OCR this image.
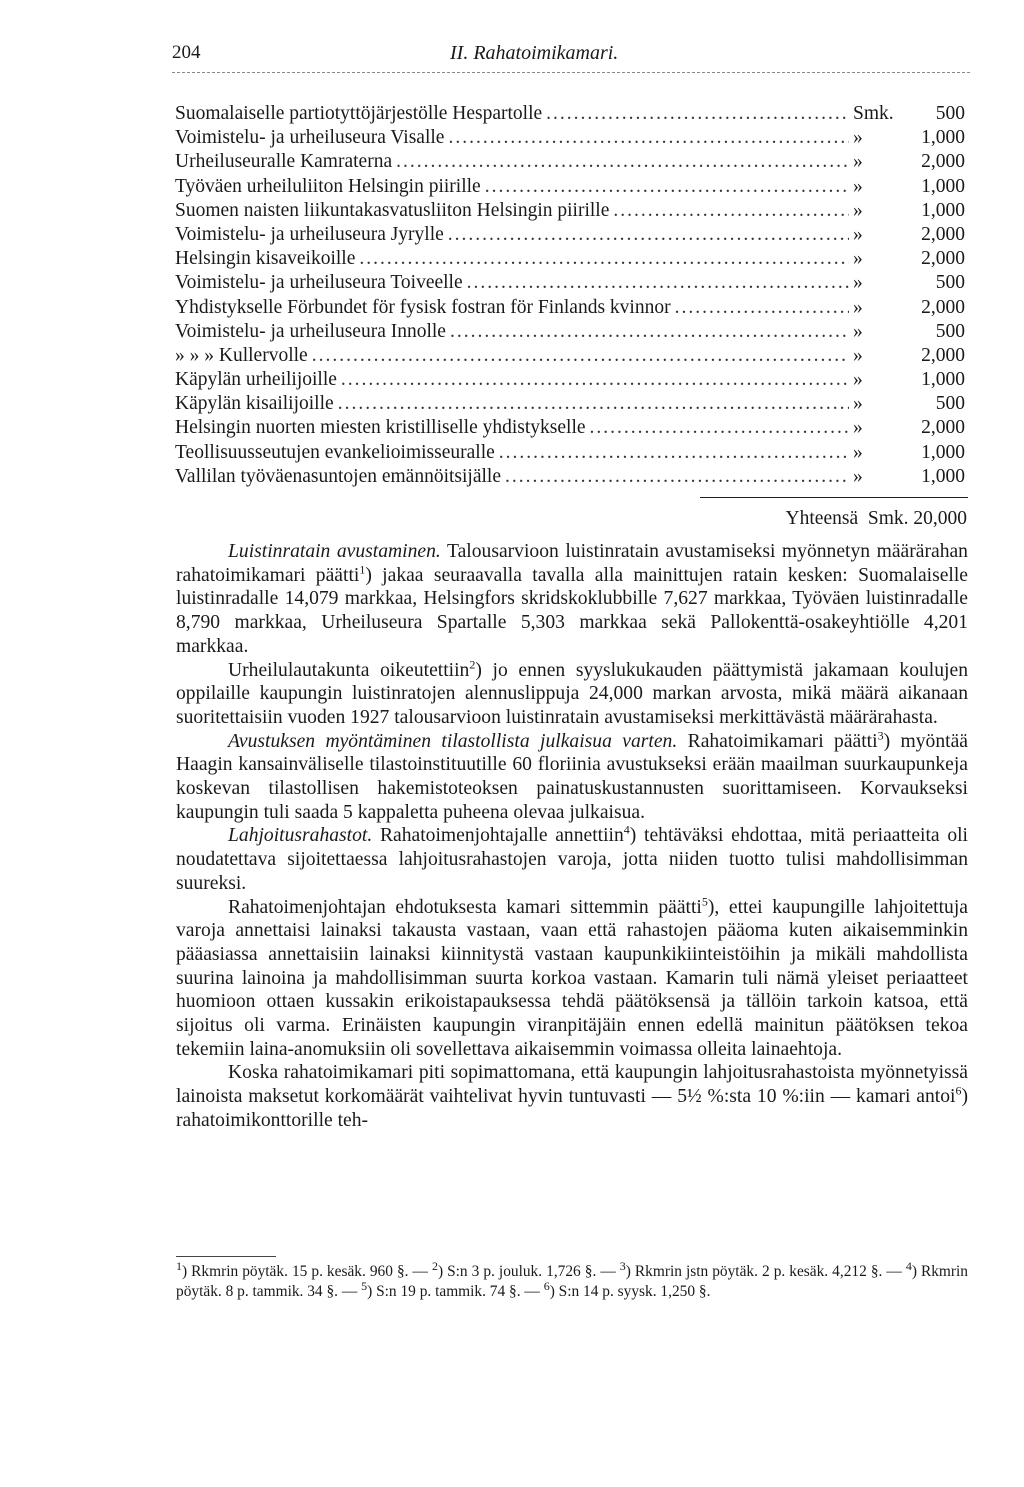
204	II. Rahatoimikamari.
Suomalaiselle partiotyttöjärjestölle Hespartolle .....	Smk.	500
Voimistelu- ja urheiluseura Visalle .....	»	1,000
Urheiluseuralle Kamraterna .....	»	2,000
Työväen urheiluliiton Helsingin piirille .....	»	1,000
Suomen naisten liikuntakasvatusliiton Helsingin piirille .....	»	1,000
Voimistelu- ja urheiluseura Jyrylle .....	»	2,000
Helsingin kisaveikoille .....	»	2,000
Voimistelu- ja urheiluseura Toiveelle .....	»	500
Yhdistykselle Förbundet för fysisk fostran för Finlands kvinnor .....	»	2,000
Voimistelu- ja urheiluseura Innolle .....	»	500
» » » Kullervolle .....	»	2,000
Käpylän urheilijoille .....	»	1,000
Käpylän kisailijoille .....	»	500
Helsingin nuorten miesten kristilliselle yhdistykselle .....	»	2,000
Teollisuusseutujen evankelioimisseuralle .....	»	1,000
Vallilan työväenasuntojen emännöitsijälle .....	»	1,000
Yhteensä Smk. 20,000

Luistinratain avustaminen. Talousarvioon luistinratain avustamiseksi myönnetyn määrärahan rahatoimikamari päätti$^1$) jakaa seuraavalla tavalla alla mainittujen ratain kesken: Suomalaiselle luistinradalle 14,079 markkaa, Helsingfors skridskoklubbille 7,627 markkaa, Työväen luistinradalle 8,790 markkaa, Urheiluseura Spartalle 5,303 markkaa sekä Pallokenttä-osakeyhtiölle 4,201 markkaa.

Urheilulautakunta oikeutettiin$^2$) jo ennen syyslukukauden päättymistä jakamaan koulujen oppilaille kaupungin luistinratojen alennuslippuja 24,000 markan arvosta, mikä määrä aikanaan suoritettaisiin vuoden 1927 talousarvioon luistinratain avustamiseksi merkittävästä määrärahasta.

Avustuksen myöntäminen tilastollista julkaisua varten. Rahatoimikamari päätti$^3$) myöntää Haagin kansainväliselle tilastoinstituutille 60 floriinia avustukseksi erään maailman suurkaupunkeja koskevan tilastollisen hakemistoteoksen painatuskustannusten suorittamiseen. Korvaukseksi kaupungin tuli saada 5 kappaletta puheena olevaa julkaisua.

Lahjoitusrahastot. Rahatoimenjohtajalle annettiin$^4$) tehtäväksi ehdottaa, mitä periaatteita oli noudatettava sijoitettaessa lahjoitusrahastojen varoja, jotta niiden tuotto tulisi mahdollisimman suureksi.

Rahatoimenjohtajan ehdotuksesta kamari sittemmin päätti$^5$), ettei kaupungille lahjoitettuja varoja annettaisi lainaksi takausta vastaan, vaan että rahastojen pääoma kuten aikaisemminkin pääasiassa annettaisiin lainaksi kiinnitystä vastaan kaupunkikiinteistöihin ja mikäli mahdollista suurina lainoina ja mahdollisimman suurta korkoa vastaan. Kamarin tuli nämä yleiset periaatteet huomioon ottaen kussakin erikoistapauksessa tehdä päätöksensä ja tällöin tarkoin katsoa, että sijoitus oli varma. Erinäisten kaupungin viranpitäjäin ennen edellä mainitun päätöksen tekoa tekemiin laina-anomuksiin oli sovellettava aikaisemmin voimassa olleita lainaehtoja.

Koska rahatoimikamari piti sopimattomana, että kaupungin lahjoitusrahastoista myönnetyissä lainoista maksetut korkomäärät vaihtelivat hyvin tuntuvasti — 5½ %:sta 10 %:iin — kamari antoi$^6$) rahatoimikonttorille teh-

$^1$) Rkmrin pöytäk. 15 p. kesäk. 960 §. — $^2$) S:n 3 p. jouluk. 1,726 §. — $^3$) Rkmrin jstn pöytäk. 2 p. kesäk. 4,212 §. — $^4$) Rkmrin pöytäk. 8 p. tammik. 34 §. — $^5$) S:n 19 p. tammik. 74 §. — $^6$) S:n 14 p. syysk. 1,250 §.
